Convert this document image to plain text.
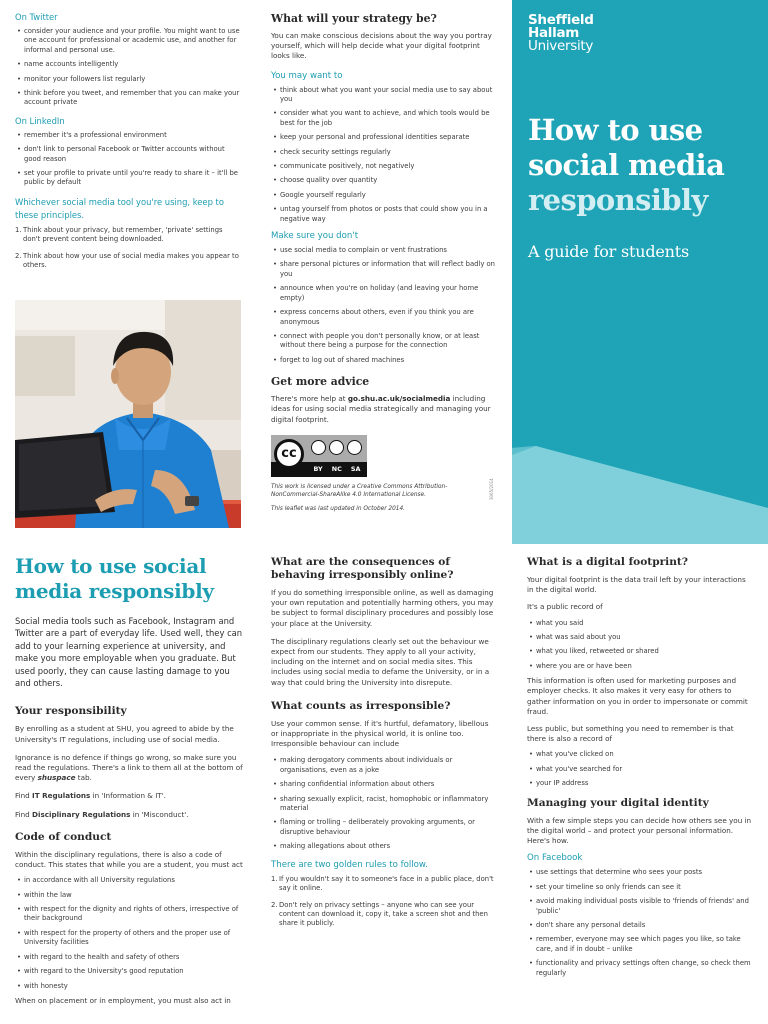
On Twitter
• consider your audience and your profile. You might want to use one account for professional or academic use, and another for informal and personal use.
• name accounts intelligently
• monitor your followers list regularly
• think before you tweet, and remember that you can make your account private
On LinkedIn
• remember it's a professional environment
• don't link to personal Facebook or Twitter accounts without good reason
• set your profile to private until you're ready to share it – it'll be public by default
Whichever social media tool you're using, keep to these principles.
1. Think about your privacy, but remember, 'private' settings don't prevent content being downloaded.
2. Think about how your use of social media makes you appear to others.
What will your strategy be?
You can make conscious decisions about the way you portray yourself, which will help decide what your digital footprint looks like.
You may want to
• think about what you want your social media use to say about you
• consider what you want to achieve, and which tools would be best for the job
• keep your personal and professional identities separate
• check security settings regularly
• communicate positively, not negatively
• choose quality over quantity
• Google yourself regularly
• untag yourself from photos or posts that could show you in a negative way
Make sure you don't
• use social media to complain or vent frustrations
• share personal pictures or information that will reflect badly on you
• announce when you're on holiday (and leaving your home empty)
• express concerns about others, even if you think you are anonymous
• connect with people you don't personally know, or at least without there being a purpose for the connection
• forget to log out of shared machines
Get more advice
There's more help at go.shu.ac.uk/socialmedia including ideas for using social media strategically and managing your digital footprint.
cc
BY NC SA
This work is licensed under a Creative Commons Attribution-NonCommercial-ShareAlike 4.0 International License.
This leaflet was last updated in October 2014.
3065/2014
Sheffield
Hallam
University
How to use
social media
responsibly
A guide for students
How to use social media responsibly
Social media tools such as Facebook, Instagram and Twitter are a part of everyday life. Used well, they can add to your learning experience at university, and make you more employable when you graduate. But used poorly, they can cause lasting damage to you and others.
Your responsibility
By enrolling as a student at SHU, you agreed to abide by the University's IT regulations, including use of social media.
Ignorance is no defence if things go wrong, so make sure you read the regulations. There's a link to them all at the bottom of every shuspace tab.
Find IT Regulations in 'Information & IT'.
Find Disciplinary Regulations in 'Misconduct'.
Code of conduct
Within the disciplinary regulations, there is also a code of conduct. This states that while you are a student, you must act
• in accordance with all University regulations
• within the law
• with respect for the dignity and rights of others, irrespective of their background
• with respect for the property of others and the proper use of University facilities
• with regard to the health and safety of others
• with regard to the University's good reputation
• with honesty
When on placement or in employment, you must also act in
What are the consequences of behaving irresponsibly online?
If you do something irresponsible online, as well as damaging your own reputation and potentially harming others, you may be subject to formal disciplinary procedures and possibly lose your place at the University.
The disciplinary regulations clearly set out the behaviour we expect from our students. They apply to all your activity, including on the internet and on social media sites. This includes using social media to defame the University, or in a way that could bring the University into disrepute.
What counts as irresponsible?
Use your common sense. If it's hurtful, defamatory, libellous or inappropriate in the physical world, it is online too. Irresponsible behaviour can include
• making derogatory comments about individuals or organisations, even as a joke
• sharing confidential information about others
• sharing sexually explicit, racist, homophobic or inflammatory material
• flaming or trolling – deliberately provoking arguments, or disruptive behaviour
• making allegations about others
There are two golden rules to follow.
1. If you wouldn't say it to someone's face in a public place, don't say it online.
2. Don't rely on privacy settings – anyone who can see your content can download it, copy it, take a screen shot and then share it publicly.
What is a digital footprint?
Your digital footprint is the data trail left by your interactions in the digital world.
It's a public record of
• what you said
• what was said about you
• what you liked, retweeted or shared
• where you are or have been
This information is often used for marketing purposes and employer checks. It also makes it very easy for others to gather information on you in order to impersonate or commit fraud.
Less public, but something you need to remember is that there is also a record of
• what you've clicked on
• what you've searched for
• your IP address
Managing your digital identity
With a few simple steps you can decide how others see you in the digital world – and protect your personal information. Here's how.
On Facebook
• use settings that determine who sees your posts
• set your timeline so only friends can see it
• avoid making individual posts visible to 'friends of friends' and 'public'
• don't share any personal details
• remember, everyone may see which pages you like, so take care, and if in doubt – unlike
• functionality and privacy settings often change, so check them regularly
